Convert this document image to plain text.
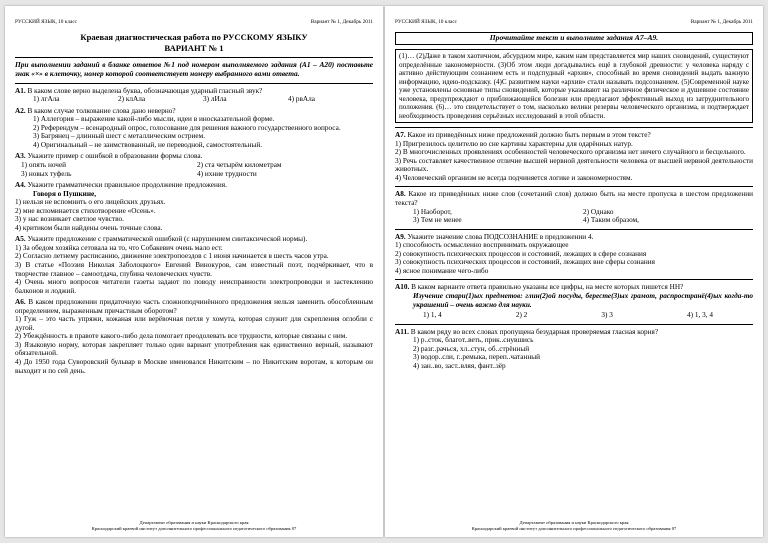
РУССКИЙ ЯЗЫК, 10 класс	Вариант № 1, Декабрь 2011
Краевая диагностическая работа по РУССКОМУ ЯЗЫКУ
ВАРИАНТ № 1
При выполнении заданий в бланке ответов №1 под номером выполняемого задания (А1 – А20) поставьте знак «×» в клеточку, номер которой соответствует номеру выбранного вами ответа.

А1. В каком слове верно выделена буква, обозначающая ударный гласный звук?

1) лгАла	2) клАла	3) лИла	4) рвАла

А2. В каком случае толкование слова дано неверно?

1) Аллегория – выражение какой-либо мысли, идеи в иносказательной форме.

2) Референдум – всенародный опрос, голосование для решения важного государственного вопроса.

3) Багрянец – длинный шест с металлическим острием.

4) Оригинальный – не заимствованный, не переводной, самостоятельный.

А3. Укажите пример с ошибкой в образовании формы слова.

1) опять ночей	2) ста четырём километрам
3) новых туфель	4) ихние трудности

А4. Укажите грамматически правильное продолжение предложения.

Говоря о Пушкине,

1) нельзя не вспомнить о его лицейских друзьях.

2) мне вспоминается стихотворение «Осень».

3) у нас возникает светлое чувство.

4) критиком были найдены очень точные слова.

А5. Укажите предложение с грамматической ошибкой (с нарушением синтаксической нормы).

1) За обедом хозяйка сетовала на то, что Собакевич очень мало ест.

2) Согласно летнему расписанию, движение электропоездов с 1 июня начинается в шесть часов утра.

3) В статье «Поэзия Николая Заболоцкого» Евгений Винокуров, сам известный поэт, подчёркивает, что в творчестве главное – самоотдача, глубина человеческих чувств.

4) Очень много вопросов читатели газеты задают по поводу неисправности электропроводки и застеклению балконов и лоджий.

А6. В каком предложении придаточную часть сложноподчинённого предложения нельзя заменить обособленным определением, выраженным причастным оборотом?

1) Гуж – это часть упряжи, кожаная или верёвочная петля у хомута, которая служит для скрепления оглобли с дугой.

2) Убеждённость в правоте какого-либо дела помогает преодолевать все трудности, которые связаны с ним.

3) Языковую норму, которая закрепляет только один вариант употребления как единственно верный, называют обязательной.

4) До 1950 года Суворовский бульвар в Москве именовался Никитским – по Никитским воротам, к которым он выходит и по сей день.

Департамент образования и науки Краснодарского края
Краснодарский краевой институт дополнительного профессионального педагогического образования 07
РУССКИЙ ЯЗЫК, 10 класс	Вариант № 1, Декабрь 2011
Прочитайте текст и выполните задания А7–А9.
(1)… (2)Даже в таком хаотичном, абсурдном мире, каким нам представляется мир наших сновидений, существуют определённые закономерности. (3)Об этом люди догадывались ещё в глубокой древности: у человека наряду с активно действующим сознанием есть и подспудный «архив», способный во время сновидений выдать важную информацию, идею-подсказку. (4)С развитием науки «архив» стали называть подсознанием. (5)Современной науке уже установлены основные типы сновидений, которые указывают на различное физическое и душевное состояние человека, предупреждают о приближающейся болезни или предлагают эффективный выход из затруднительного положения. (6)… это свидетельствует о том, насколько велики резервы человеческого организма, и подтверждает необходимость проведения серьёзных исследований в этой области.

А7. Какое из приведённых ниже предложений должно быть первым в этом тексте?

1) Пригрезилось целителю во сне картины характерны для одарённых натур.

2) В многочисленных проявлениях особенностей человеческого организма нет ничего случайного и бесцельного.

3) Речь составляет качественное отличие высшей нервной деятельности человека от высшей нервной деятельности животных.

4) Человеческий организм не всегда подчиняется логике и закономерностям.

А8. Какое из приведённых ниже слов (сочетаний слов) должно быть на месте пропуска в шестом предложении текста?

1) Наоборот,	2) Однако
3) Тем не менее	4) Таким образом,

А9. Укажите значение слова ПОДСОЗНАНИЕ в предложении 4.

1) способность осмысленно воспринимать окружающее

2) совокупность психических процессов и состояний, лежащих в сфере сознания

3) совокупность психических процессов и состояний, лежащих вне сферы сознания

4) ясное понимание чего-либо

А10. В каком варианте ответа правильно указаны все цифры, на месте которых пишется НН?

Изучение стари(1)ых предметов: глин(2)ой посуды, бересте(3)ых грамот, распространё(4)ых когда-то украшений – очень важно для науки.

1) 1, 4	2) 2	3) 3	4) 1, 3, 4

А11. В каком ряду во всех словах пропущена безударная проверяемая гласная корня?

1) р..сток, благот..веть, прик..снувшись

2) разг..рачься, хл..стун, об..стрённый

3) водор..сли, г..ремыка, переп..чатанный

4) зан..во, заст..вляя, фант..зёр

Департамент образования и науки Краснодарского края
Краснодарский краевой институт дополнительного профессионального педагогического образования 07
